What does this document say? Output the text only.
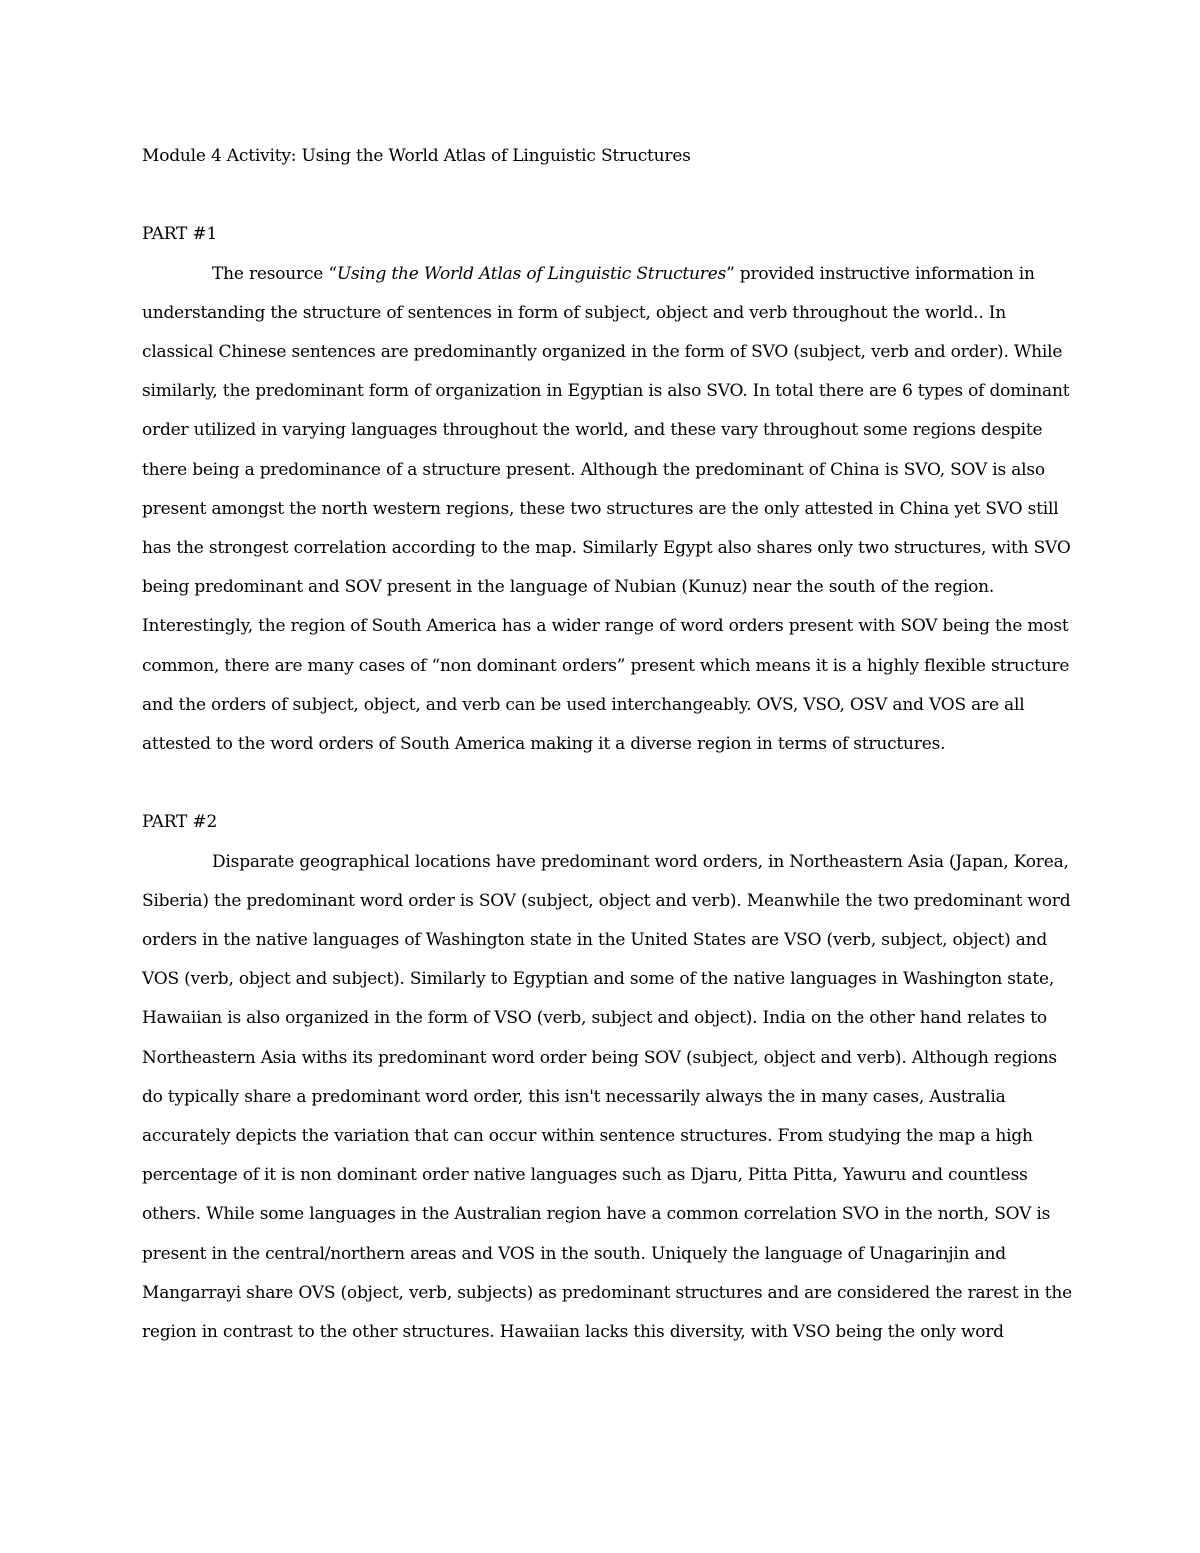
Module 4 Activity: Using the World Atlas of Linguistic Structures
PART #1

The resource “Using the World Atlas of Linguistic Structures” provided instructive information in understanding the structure of sentences in form of subject, object and verb throughout the world.. In classical Chinese sentences are predominantly organized in the form of SVO (subject, verb and order). While similarly, the predominant form of organization in Egyptian is also SVO. In total there are 6 types of dominant order utilized in varying languages throughout the world, and these vary throughout some regions despite there being a predominance of a structure present. Although the predominant of China is SVO, SOV is also present amongst the north western regions, these two structures are the only attested in China yet SVO still has the strongest correlation according to the map. Similarly Egypt also shares only two structures, with SVO being predominant and SOV present in the language of Nubian (Kunuz) near the south of the region. Interestingly, the region of South America has a wider range of word orders present with SOV being the most common, there are many cases of “non dominant orders” present which means it is a highly flexible structure and the orders of subject, object, and verb can be used interchangeably. OVS, VSO, OSV and VOS are all attested to the word orders of South America making it a diverse region in terms of structures.

PART #2

Disparate geographical locations have predominant word orders, in Northeastern Asia (Japan, Korea, Siberia) the predominant word order is SOV (subject, object and verb). Meanwhile the two predominant word orders in the native languages of Washington state in the United States are VSO (verb, subject, object) and VOS (verb, object and subject). Similarly to Egyptian and some of the native languages in Washington state, Hawaiian is also organized in the form of VSO (verb, subject and object). India on the other hand relates to Northeastern Asia withs its predominant word order being SOV (subject, object and verb). Although regions do typically share a predominant word order, this isn't necessarily always the in many cases, Australia accurately depicts the variation that can occur within sentence structures. From studying the map a high percentage of it is non dominant order native languages such as Djaru, Pitta Pitta, Yawuru and countless others. While some languages in the Australian region have a common correlation SVO in the north, SOV is present in the central/northern areas and VOS in the south. Uniquely the language of Unagarinjin and Mangarrayi share OVS (object, verb, subjects) as predominant structures and are considered the rarest in the region in contrast to the other structures. Hawaiian lacks this diversity, with VSO being the only word
